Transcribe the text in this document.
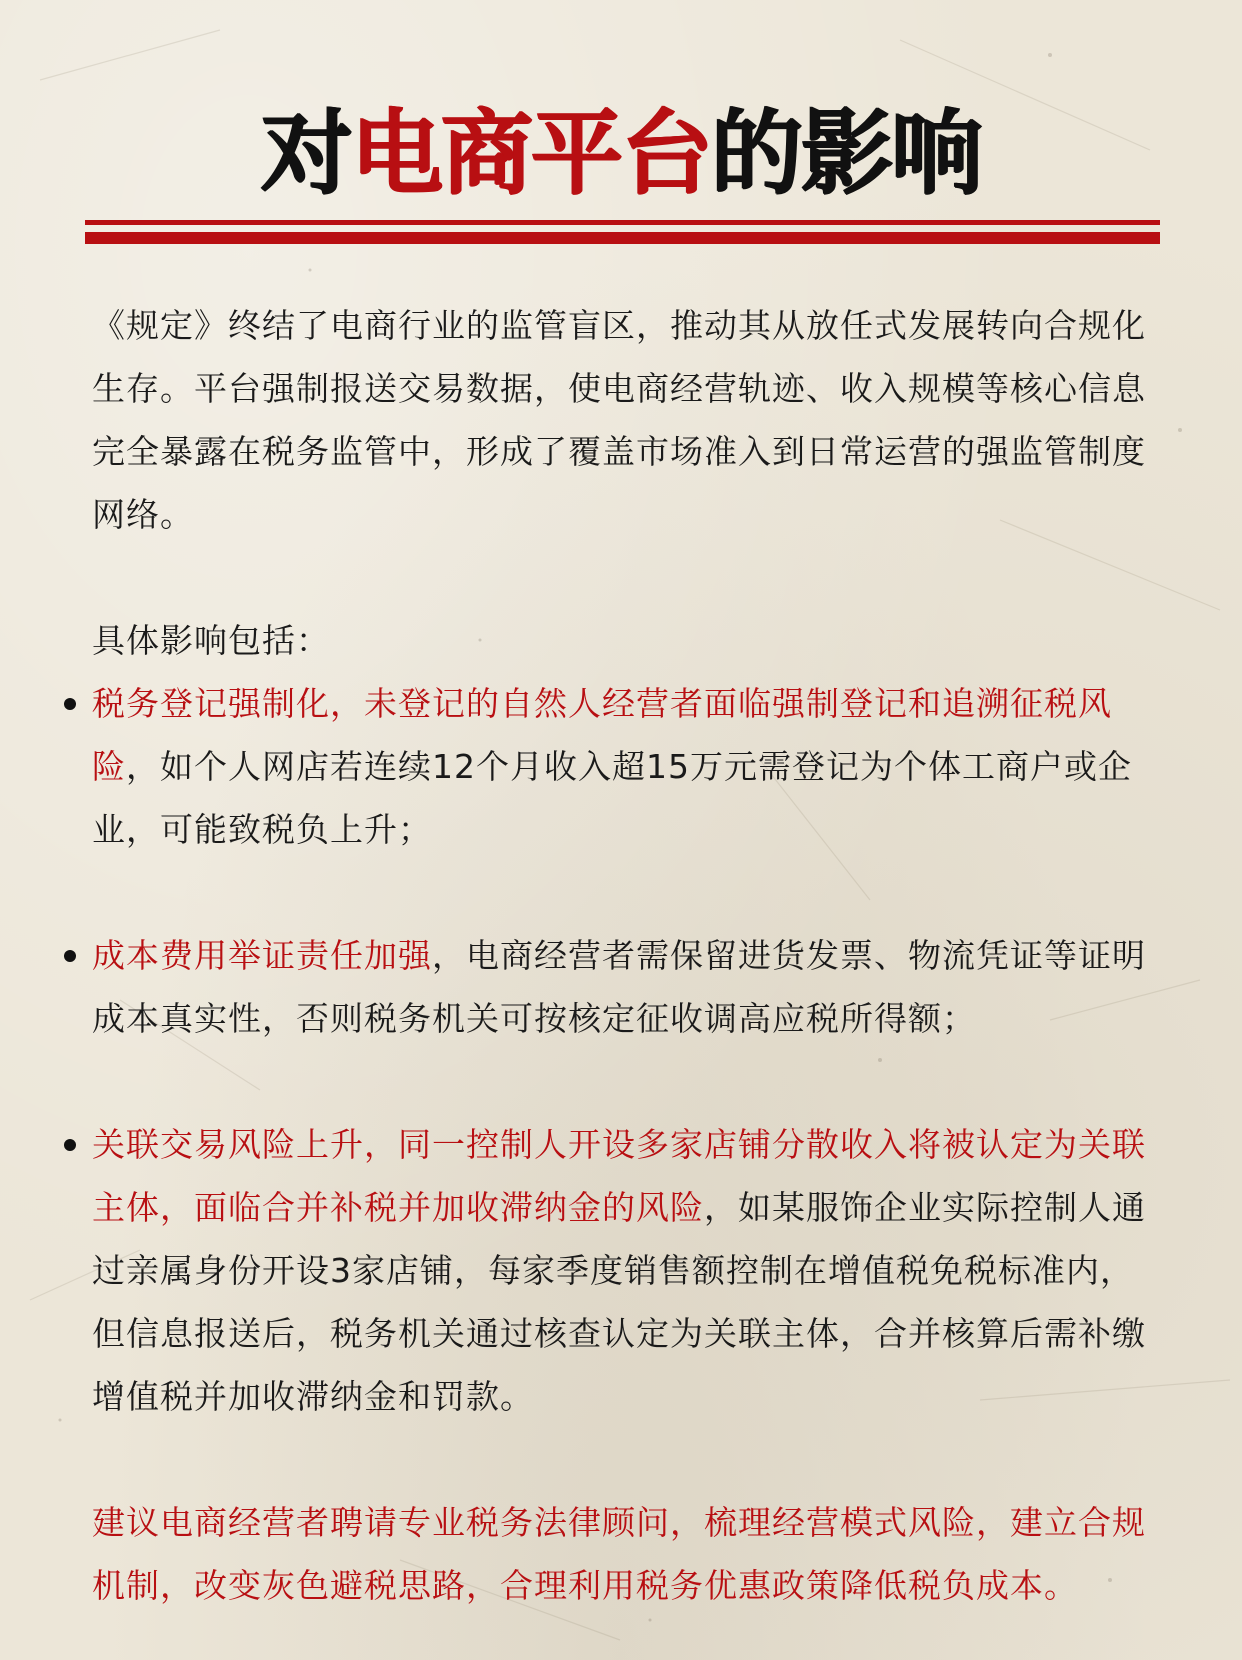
对电商平台的影响

《规定》终结了电商行业的监管盲区，推动其从放任式发展转向合规化生存。平台强制报送交易数据，使电商经营轨迹、收入规模等核心信息完全暴露在税务监管中，形成了覆盖市场准入到日常运营的强监管制度网络。

具体影响包括：

税务登记强制化，未登记的自然人经营者面临强制登记和追溯征税风险，如个人网店若连续12个月收入超15万元需登记为个体工商户或企业，可能致税负上升；

成本费用举证责任加强，电商经营者需保留进货发票、物流凭证等证明成本真实性，否则税务机关可按核定征收调高应税所得额；

关联交易风险上升，同一控制人开设多家店铺分散收入将被认定为关联主体，面临合并补税并加收滞纳金的风险，如某服饰企业实际控制人通过亲属身份开设3家店铺，每家季度销售额控制在增值税免税标准内，但信息报送后，税务机关通过核查认定为关联主体，合并核算后需补缴增值税并加收滞纳金和罚款。

建议电商经营者聘请专业税务法律顾问，梳理经营模式风险，建立合规机制，改变灰色避税思路，合理利用税务优惠政策降低税负成本。
